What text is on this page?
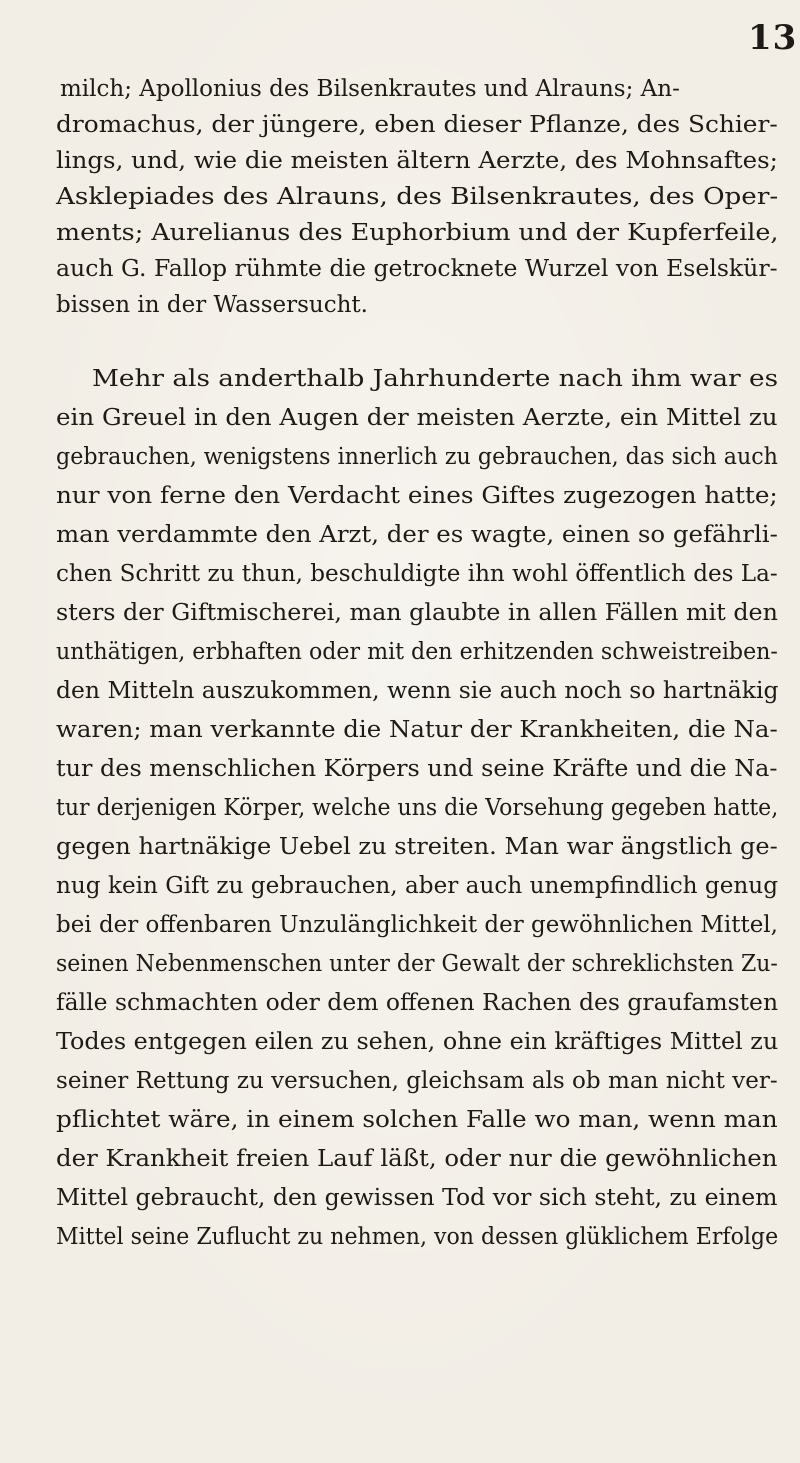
13
milch; Apollonius des Bilsenkrautes und Alrauns; An-
dromachus, der jüngere, eben dieser Pflanze, des Schier-
lings, und, wie die meisten ältern Aerzte, des Mohnsaftes;
Asklepiades des Alrauns, des Bilsenkrautes, des Oper-
ments; Aurelianus des Euphorbium und der Kupferfeile,
auch G. Fallop rühmte die getrocknete Wurzel von Eselskür-
bissen in der Wassersucht.
Mehr als anderthalb Jahrhunderte nach ihm war es
ein Greuel in den Augen der meisten Aerzte, ein Mittel zu
gebrauchen, wenigstens innerlich zu gebrauchen, das sich auch
nur von ferne den Verdacht eines Giftes zugezogen hatte;
man verdammte den Arzt, der es wagte, einen so gefährli-
chen Schritt zu thun, beschuldigte ihn wohl öffentlich des La-
sters der Giftmischerei, man glaubte in allen Fällen mit den
unthätigen, erbhaften oder mit den erhitzenden schweistreiben-
den Mitteln auszukommen, wenn sie auch noch so hartnäkig
waren; man verkannte die Natur der Krankheiten, die Na-
tur des menschlichen Körpers und seine Kräfte und die Na-
tur derjenigen Körper, welche uns die Vorsehung gegeben hatte,
gegen hartnäkige Uebel zu streiten. Man war ängstlich ge-
nug kein Gift zu gebrauchen, aber auch unempfindlich genug
bei der offenbaren Unzulänglichkeit der gewöhnlichen Mittel,
seinen Nebenmenschen unter der Gewalt der schreklichsten Zu-
fälle schmachten oder dem offenen Rachen des graufamsten
Todes entgegen eilen zu sehen, ohne ein kräftiges Mittel zu
seiner Rettung zu versuchen, gleichsam als ob man nicht ver-
pflichtet wäre, in einem solchen Falle wo man, wenn man
der Krankheit freien Lauf läßt, oder nur die gewöhnlichen
Mittel gebraucht, den gewissen Tod vor sich steht, zu einem
Mittel seine Zuflucht zu nehmen, von dessen glüklichem Erfolge
